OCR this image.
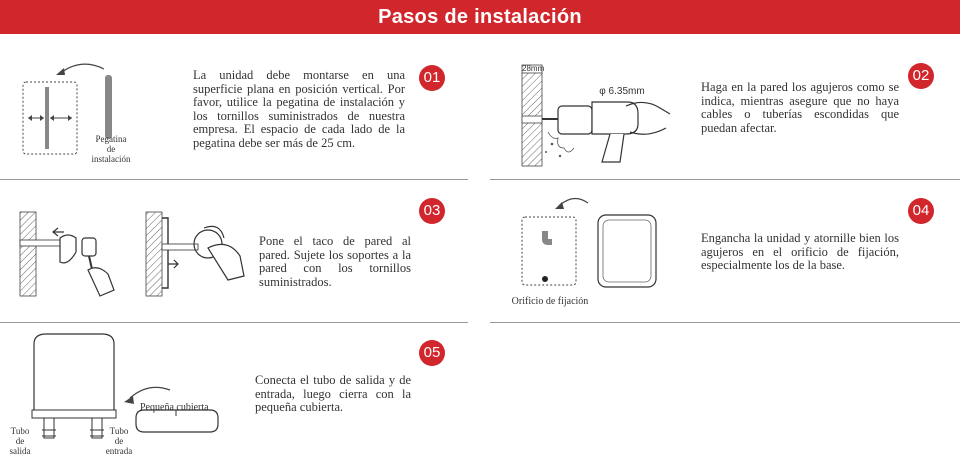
Pasos de instalación
Pegatina
de
instalación
La unidad debe montarse en una superficie plana en posición vertical. Por favor, utilice la pegatina de instalación y los tornillos suministrados de nuestra empresa. El espacio de cada lado de la pegatina debe ser más de 25 cm.
01
28mm
φ 6.35mm	Haga en la pared los agujeros como se indica, mientras asegure que no haya cables o tuberías escondidas que puedan afectar.
02
Pone el taco de pared al pared. Sujete los soportes a la pared con los tornillos suministrados.
03
Orificio de fijación
Engancha la unidad y atornille bien los agujeros en el orificio de fijación, especialmente los de la base.
04
Pequeña cubierta
Tubo
de
salida
Tubo
de
entrada
Conecta el tubo de salida y de entrada, luego cierra con la pequeña cubierta.
05
